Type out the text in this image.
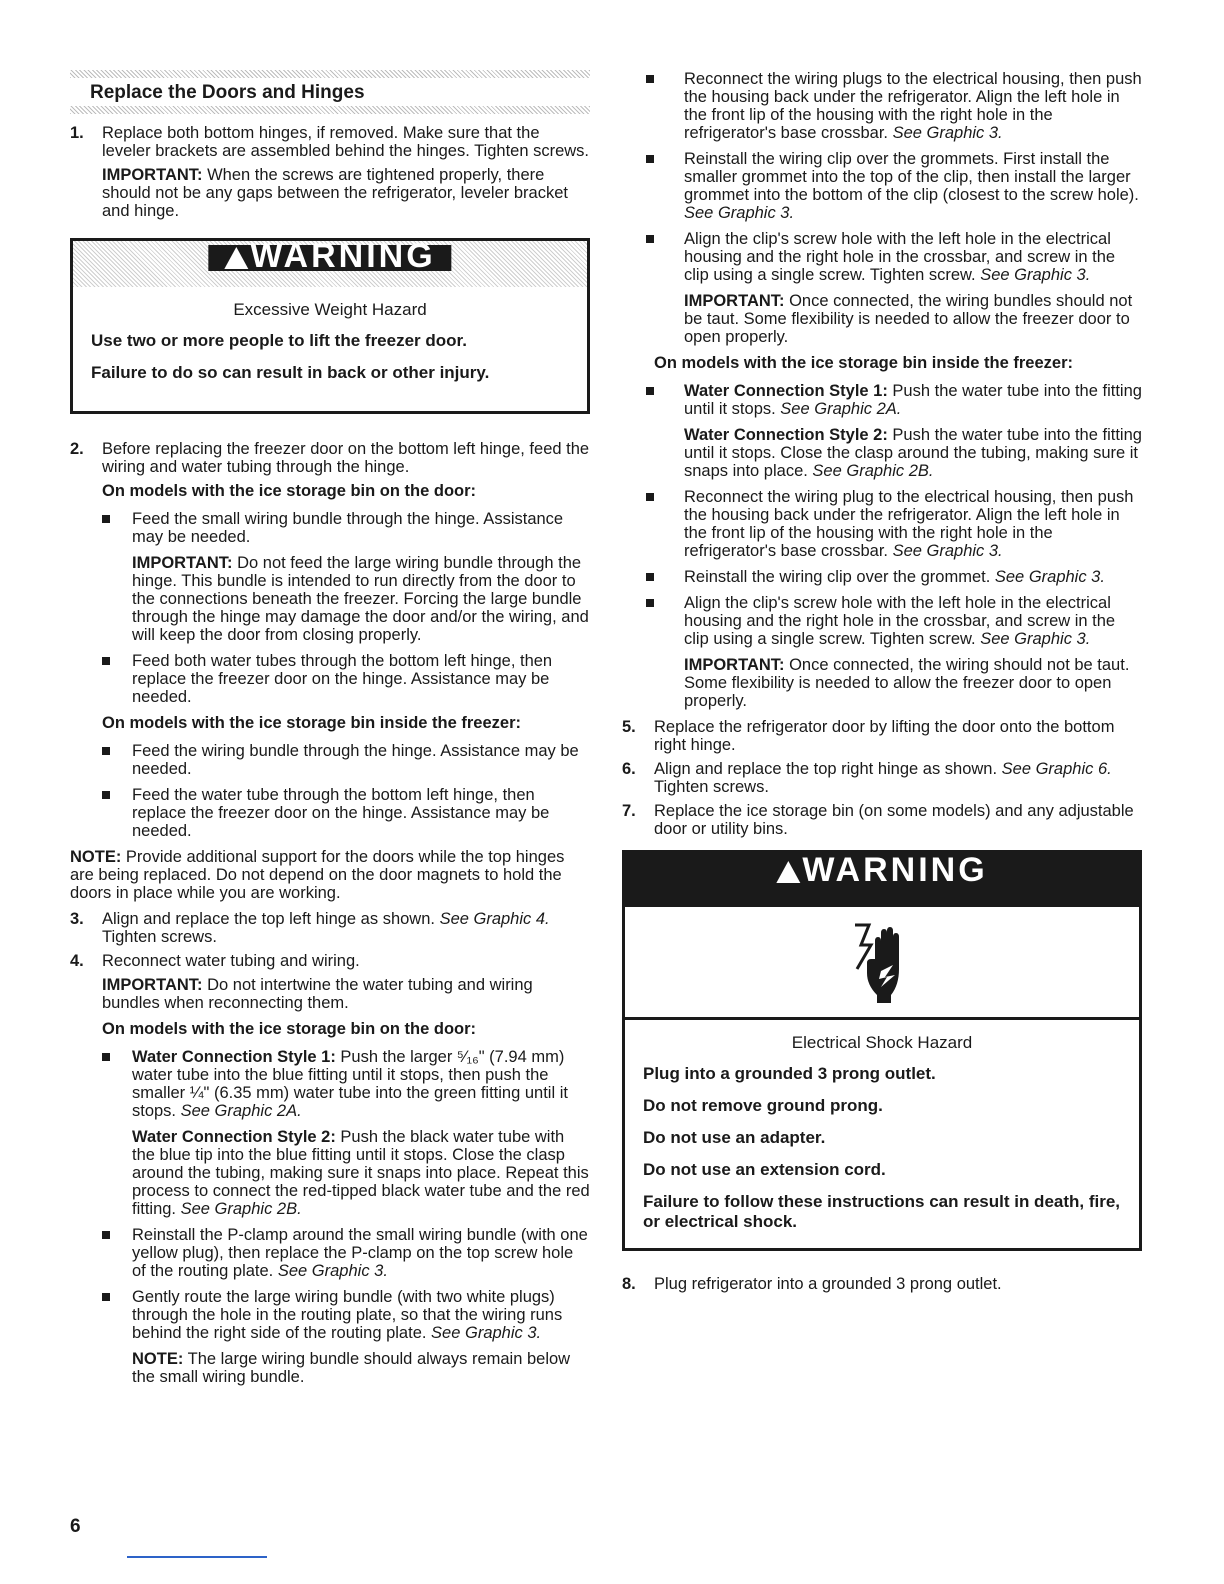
Replace the Doors and Hinges
1. Replace both bottom hinges, if removed. Make sure that the leveler brackets are assembled behind the hinges. Tighten screws.

IMPORTANT: When the screws are tightened properly, there should not be any gaps between the refrigerator, leveler bracket and hinge.

WARNING

Excessive Weight Hazard

Use two or more people to lift the freezer door.

Failure to do so can result in back or other injury.

2. Before replacing the freezer door on the bottom left hinge, feed the wiring and water tubing through the hinge.

On models with the ice storage bin on the door:

Feed the small wiring bundle through the hinge. Assistance may be needed.

IMPORTANT: Do not feed the large wiring bundle through the hinge. This bundle is intended to run directly from the door to the connections beneath the freezer. Forcing the large bundle through the hinge may damage the door and/or the wiring, and will keep the door from closing properly.

Feed both water tubes through the bottom left hinge, then replace the freezer door on the hinge. Assistance may be needed.

On models with the ice storage bin inside the freezer:

Feed the wiring bundle through the hinge. Assistance may be needed.

Feed the water tube through the bottom left hinge, then replace the freezer door on the hinge. Assistance may be needed.

NOTE: Provide additional support for the doors while the top hinges are being replaced. Do not depend on the door magnets to hold the doors in place while you are working.

3. Align and replace the top left hinge as shown. See Graphic 4. Tighten screws.

4. Reconnect water tubing and wiring.

IMPORTANT: Do not intertwine the water tubing and wiring bundles when reconnecting them.

On models with the ice storage bin on the door:

Water Connection Style 1: Push the larger ⁵⁄₁₆" (7.94 mm) water tube into the blue fitting until it stops, then push the smaller ¼" (6.35 mm) water tube into the green fitting until it stops. See Graphic 2A.

Water Connection Style 2: Push the black water tube with the blue tip into the blue fitting until it stops. Close the clasp around the tubing, making sure it snaps into place. Repeat this process to connect the red-tipped black water tube and the red fitting. See Graphic 2B.

Reinstall the P-clamp around the small wiring bundle (with one yellow plug), then replace the P-clamp on the top screw hole of the routing plate. See Graphic 3.

Gently route the large wiring bundle (with two white plugs) through the hole in the routing plate, so that the wiring runs behind the right side of the routing plate. See Graphic 3.

NOTE: The large wiring bundle should always remain below the small wiring bundle.

Reconnect the wiring plugs to the electrical housing, then push the housing back under the refrigerator. Align the left hole in the front lip of the housing with the right hole in the refrigerator's base crossbar. See Graphic 3.

Reinstall the wiring clip over the grommets. First install the smaller grommet into the top of the clip, then install the larger grommet into the bottom of the clip (closest to the screw hole). See Graphic 3.

Align the clip's screw hole with the left hole in the electrical housing and the right hole in the crossbar, and screw in the clip using a single screw. Tighten screw. See Graphic 3.

IMPORTANT: Once connected, the wiring bundles should not be taut. Some flexibility is needed to allow the freezer door to open properly.

On models with the ice storage bin inside the freezer:

Water Connection Style 1: Push the water tube into the fitting until it stops. See Graphic 2A.

Water Connection Style 2: Push the water tube into the fitting until it stops. Close the clasp around the tubing, making sure it snaps into place. See Graphic 2B.

Reconnect the wiring plug to the electrical housing, then push the housing back under the refrigerator. Align the left hole in the front lip of the housing with the right hole in the refrigerator's base crossbar. See Graphic 3.

Reinstall the wiring clip over the grommet. See Graphic 3.

Align the clip's screw hole with the left hole in the electrical housing and the right hole in the crossbar, and screw in the clip using a single screw. Tighten screw. See Graphic 3.

IMPORTANT: Once connected, the wiring should not be taut. Some flexibility is needed to allow the freezer door to open properly.

5. Replace the refrigerator door by lifting the door onto the bottom right hinge.

6. Align and replace the top right hinge as shown. See Graphic 6. Tighten screws.

7. Replace the ice storage bin (on some models) and any adjustable door or utility bins.

WARNING

Electrical Shock Hazard

Plug into a grounded 3 prong outlet.

Do not remove ground prong.

Do not use an adapter.

Do not use an extension cord.

Failure to follow these instructions can result in death, fire, or electrical shock.

8. Plug refrigerator into a grounded 3 prong outlet.

6
